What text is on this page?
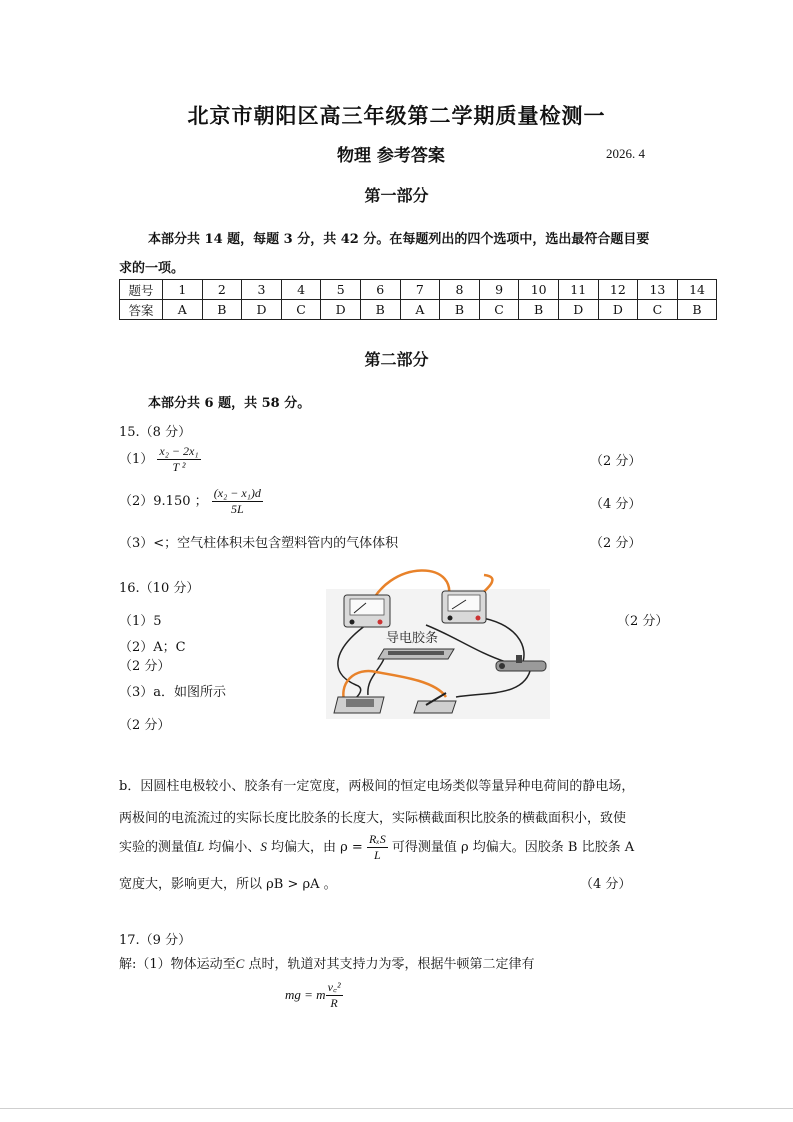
北京市朝阳区高三年级第二学期质量检测一
物理 参考答案	2026. 4
第一部分
本部分共 14 题，每题 3 分，共 42 分。在每题列出的四个选项中，选出最符合题目要
求的一项。
题号	1	2	3	4	5	6	7	8	9	10	11	12	13	14
答案	A	B	D	C	D	B	A	B	C	B	D	D	C	B
第二部分
本部分共 6 题，共 58 分。
15.（8 分）
$(1) \frac{\text{x₂ − 2x₁}}{\text{T ²}}$	（2 分）
（2）9.150 ； $\frac{\text{(x₂ − x₁)d}}{5L}$	（4 分）
（3）<；空气柱体积未包含塑料管内的气体体积	（2 分）
16.（10 分）
（1）5	（2 分）
（2）A；C
（2 分）
（3）a．如图所示
（2 分）
导电胶条
b．因圆柱电极较小、胶条有一定宽度，两极间的恒定电场类似等量异种电荷间的静电场，
两极间的电流流过的实际长度比胶条的长度大，实际横截面积比胶条的横截面积小，致使
实验的测量值L 均偏小、S 均偏大，由 $\rho = \frac{\text{RₓS}}{L}$ 可得测量值 ρ 均偏大。因胶条 B 比胶条 A
宽度大，影响更大，所以 ρB > ρA 。	（4 分）
17.（9 分）
解:（1）物体运动至C 点时，轨道对其支持力为零，根据牛顿第二定律有
mg = m $\frac{\text{v꜀²}}{R}$
